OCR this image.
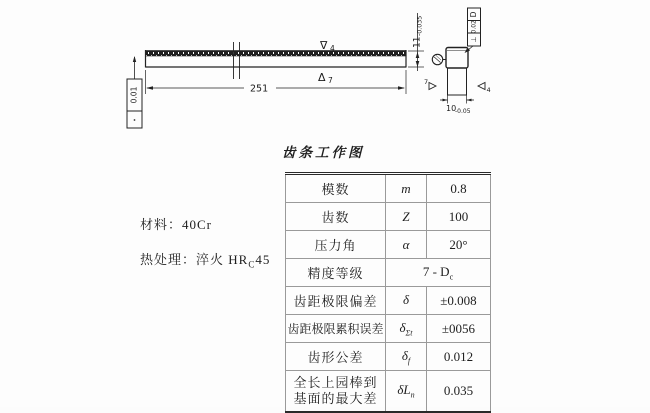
∇ 4
Δ 7
11
-0.035
251
0.01
D
0.02
⊥
7
4
10
-0.05
齿条工作图
材料：40Cr
热处理：淬火 $HR_C45$
模数	m	0.8
齿数	Z	100
压力角	α	20°
精度等级	$7 - D_c$
齿距极限偏差	δ	±0.008
齿距极限累积误差	$\delta_{\Sigma t}$	±0056
齿形公差	$\delta_f$	0.012
全长上园棒到
基面的最大差	$\delta L_n$	0.035
